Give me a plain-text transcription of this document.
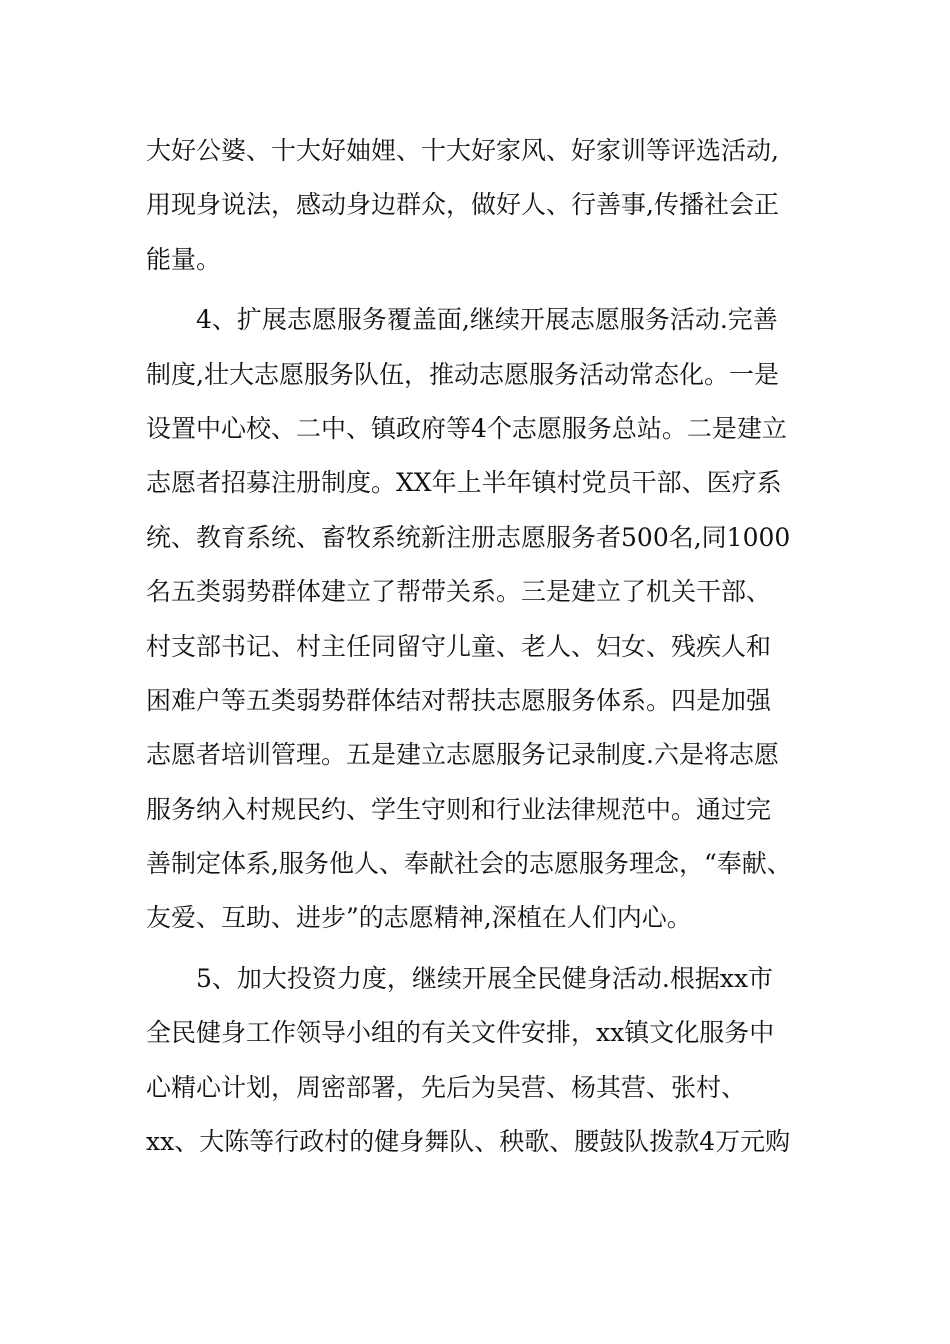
大好公婆、十大好妯娌、十大好家风、好家训等评选活动,
用现身说法，感动身边群众，做好人、行善事,传播社会正
能量。
4、扩展志愿服务覆盖面,继续开展志愿服务活动.完善
制度,壮大志愿服务队伍，推动志愿服务活动常态化。一是
设置中心校、二中、镇政府等4个志愿服务总站。二是建立
志愿者招募注册制度。XX年上半年镇村党员干部、医疗系
统、教育系统、畜牧系统新注册志愿服务者500名,同1000
名五类弱势群体建立了帮带关系。三是建立了机关干部、
村支部书记、村主任同留守儿童、老人、妇女、残疾人和
困难户等五类弱势群体结对帮扶志愿服务体系。四是加强
志愿者培训管理。五是建立志愿服务记录制度.六是将志愿
服务纳入村规民约、学生守则和行业法律规范中。通过完
善制定体系,服务他人、奉献社会的志愿服务理念，“奉献、
友爱、互助、进步”的志愿精神,深植在人们内心。
5、加大投资力度，继续开展全民健身活动.根据xx市
全民健身工作领导小组的有关文件安排，xx镇文化服务中
心精心计划，周密部署，先后为吴营、杨其营、张村、
xx、大陈等行政村的健身舞队、秧歌、腰鼓队拨款4万元购
